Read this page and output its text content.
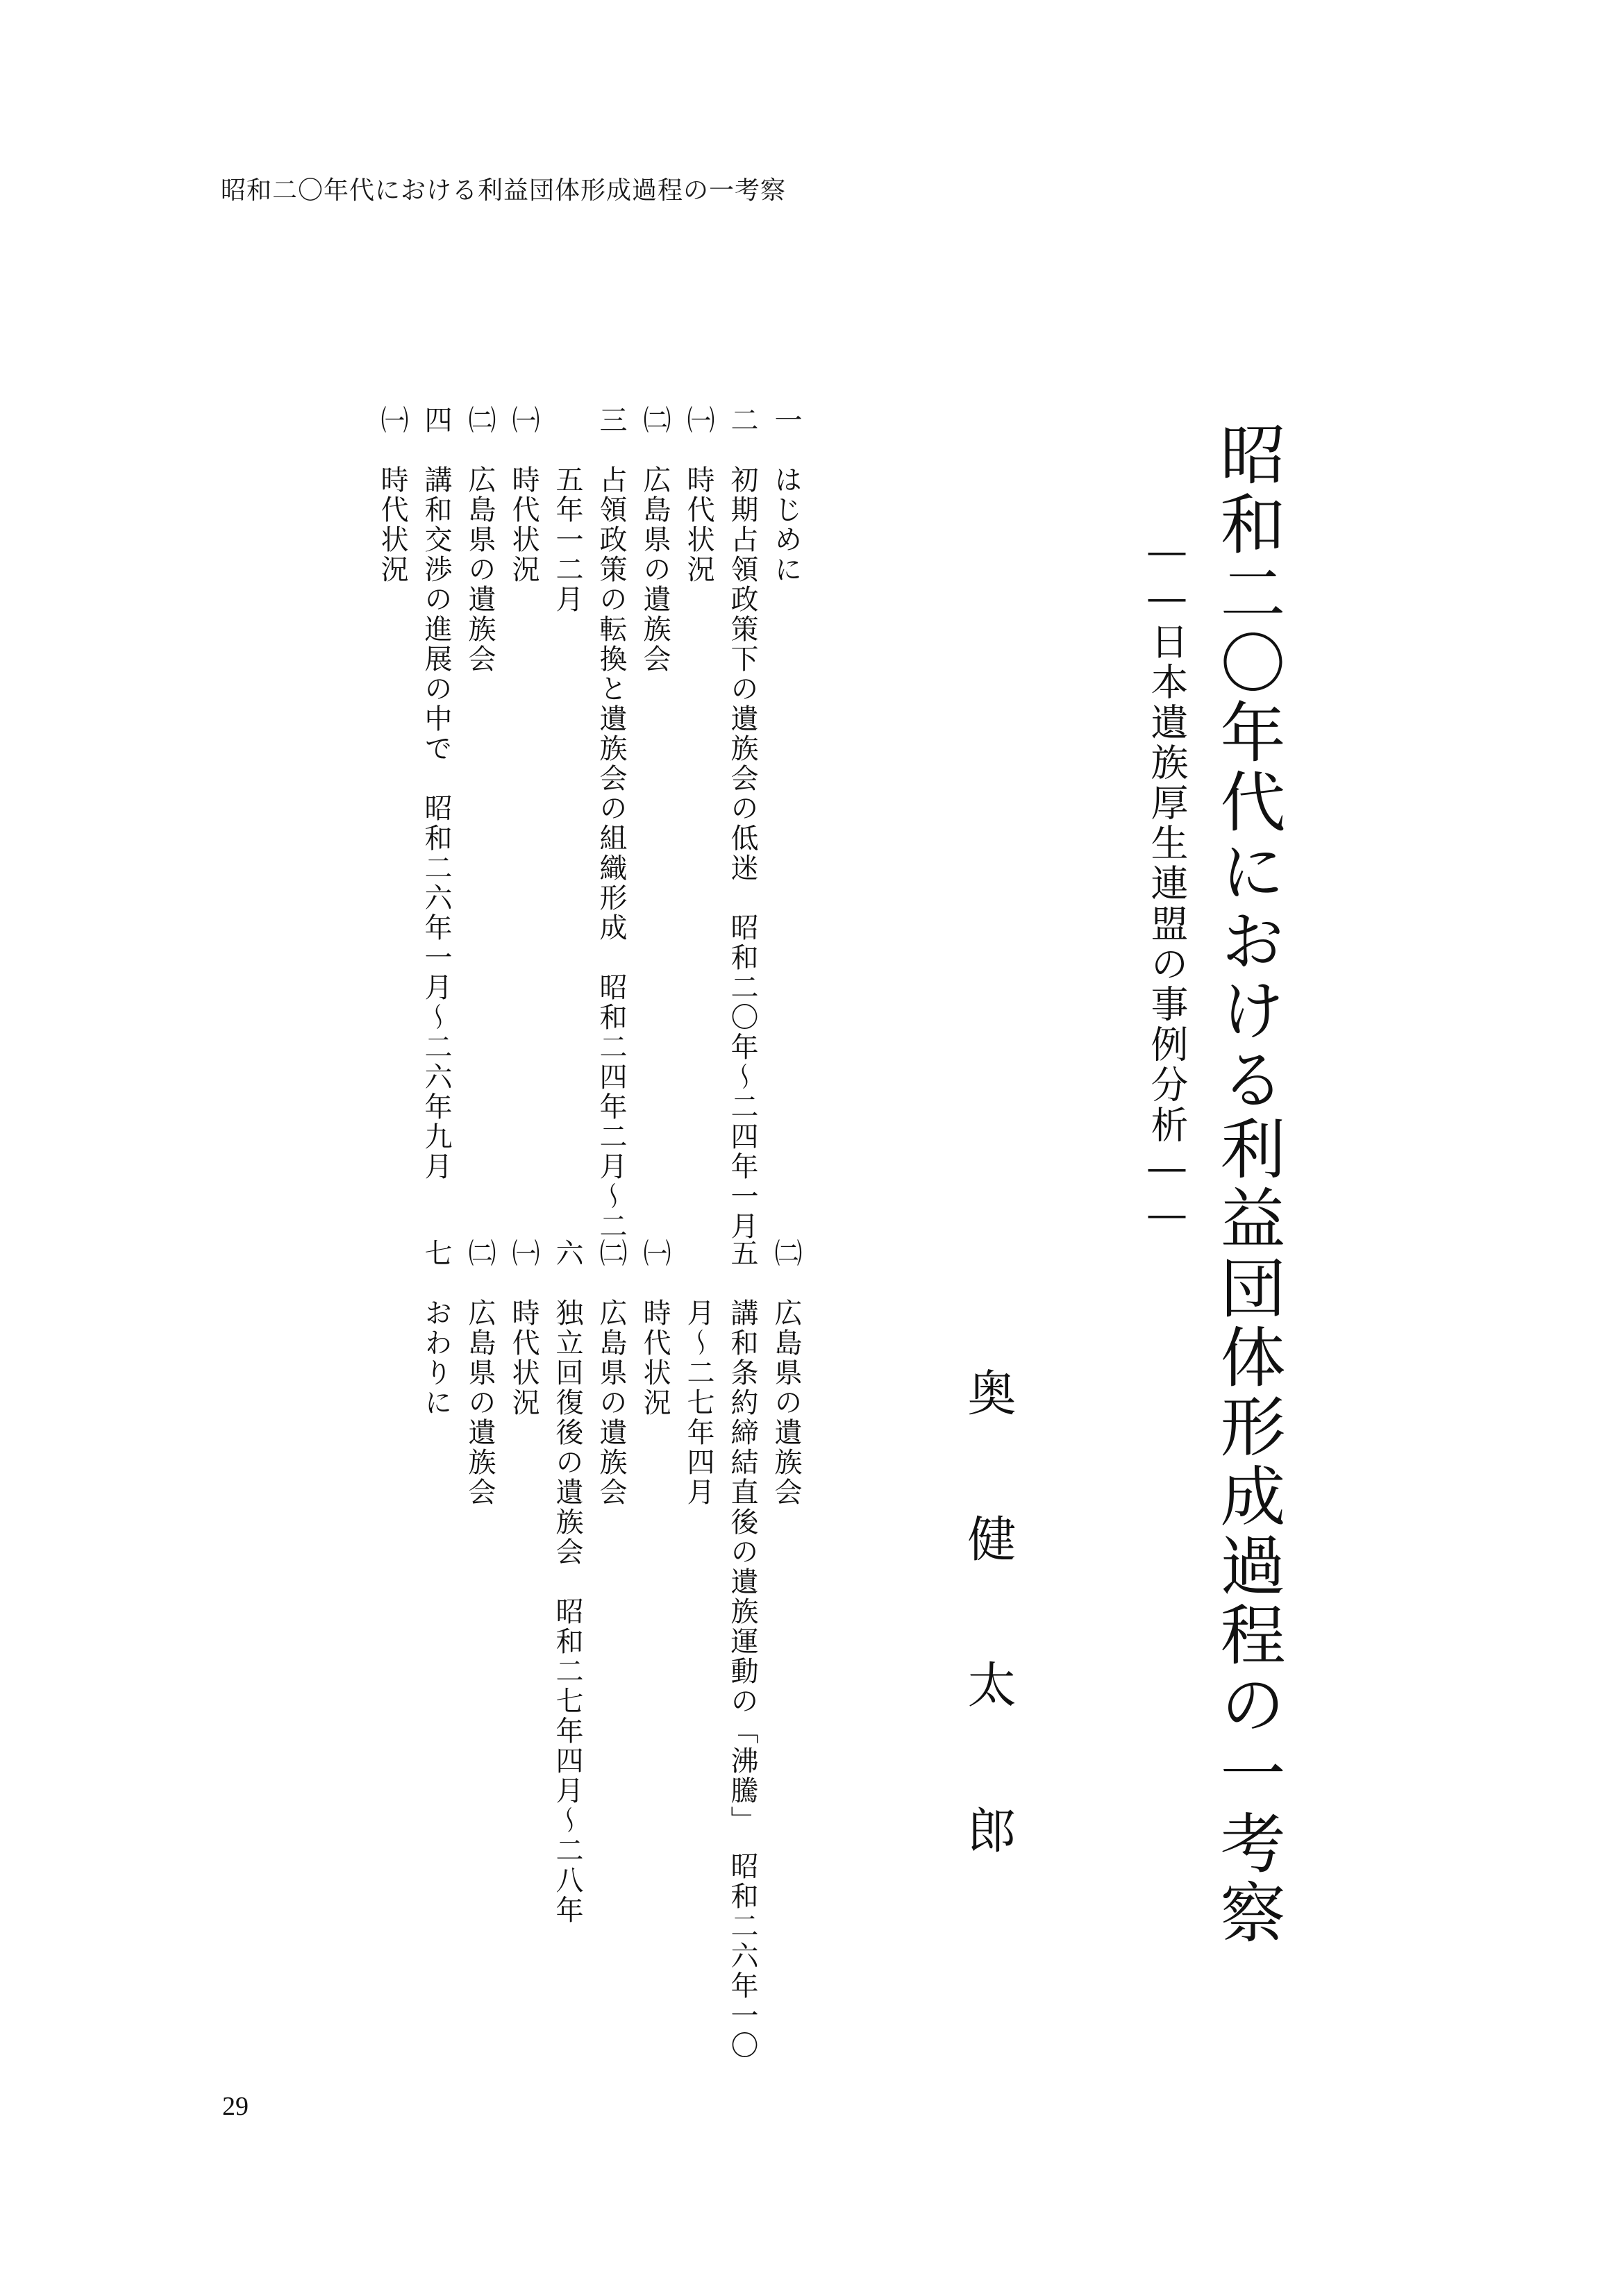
昭和二〇年代における利益団体形成過程の一考察
昭和二〇年代における利益団体形成過程の一考察
――日本遺族厚生連盟の事例分析――
奥健太郎
一　はじめに
二　初期占領政策下の遺族会の低迷　昭和二〇年～二四年一月
㈠　時代状況
㈡　広島県の遺族会
三　占領政策の転換と遺族会の組織形成　昭和二四年二月～二
　　五年一二月
㈠　時代状況
㈡　広島県の遺族会
四　講和交渉の進展の中で　昭和二六年一月～二六年九月
㈠　時代状況
㈡　広島県の遺族会
五　講和条約締結直後の遺族運動の「沸騰」　昭和二六年一〇
　　月～二七年四月
㈠　時代状況
㈡　広島県の遺族会
六　独立回復後の遺族会　昭和二七年四月～二八年
㈠　時代状況
㈡　広島県の遺族会
七　おわりに
29
